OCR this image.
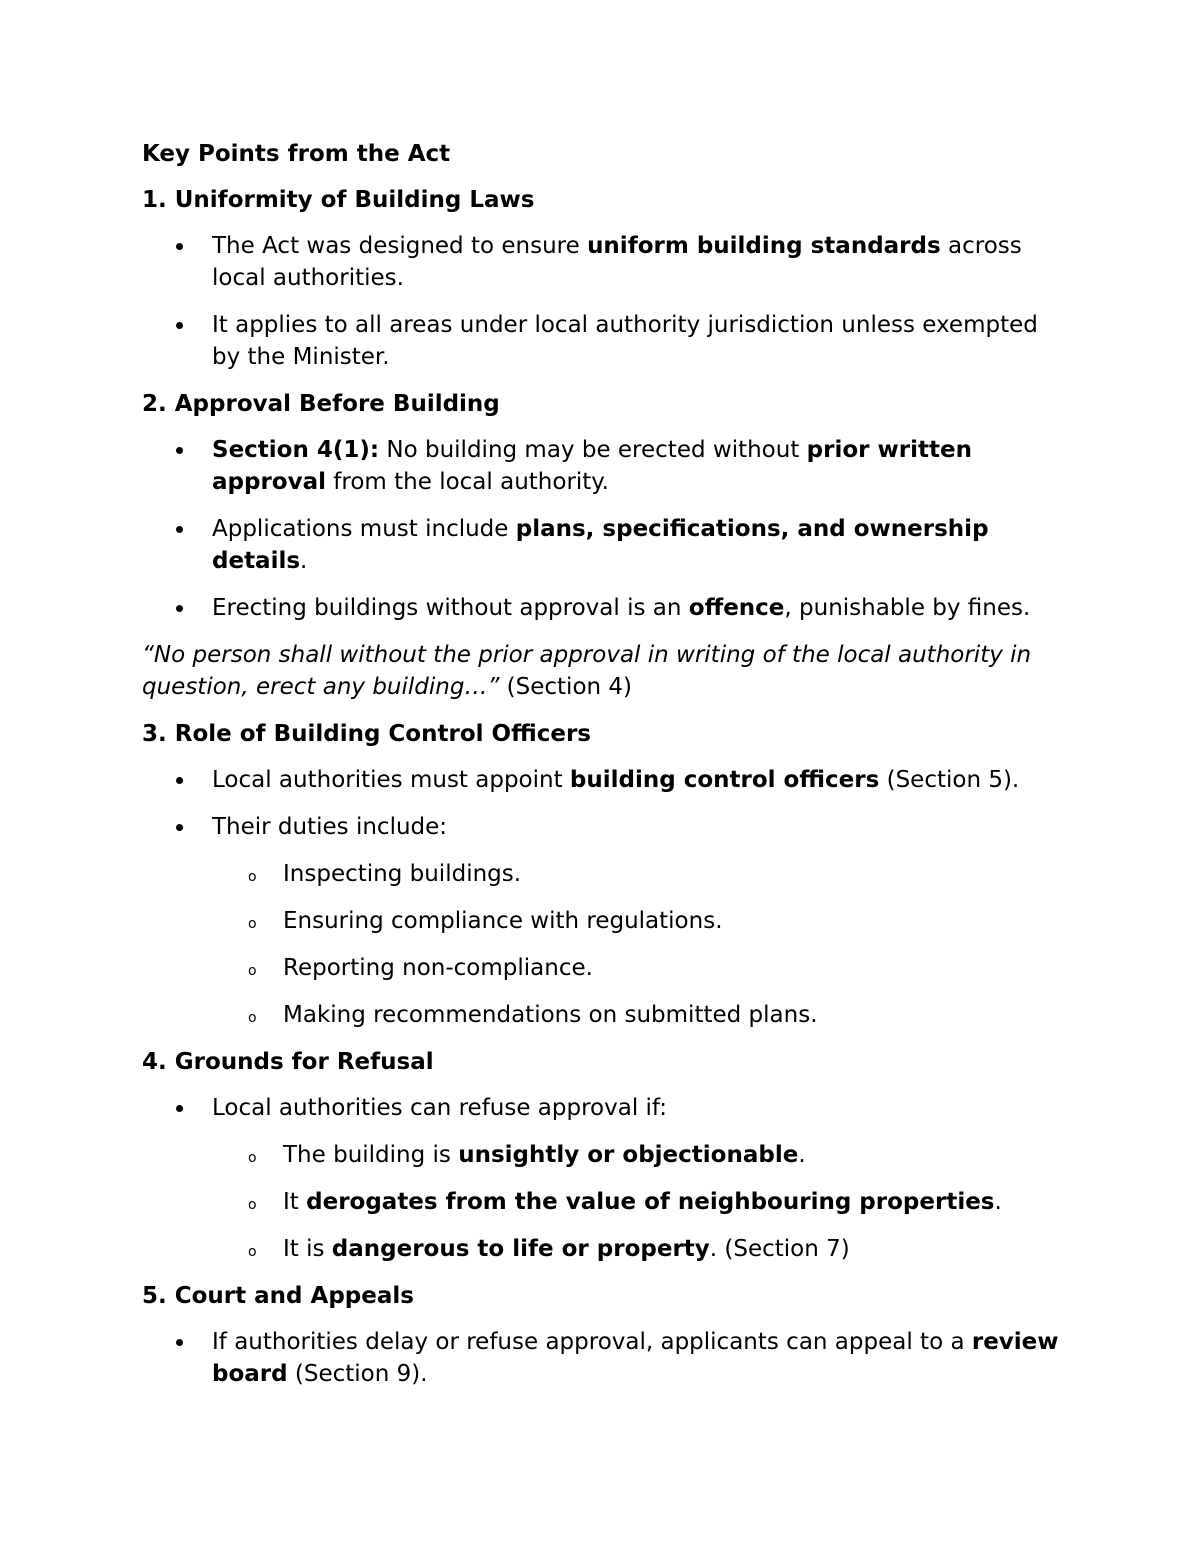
Key Points from the Act

1. Uniformity of Building Laws

The Act was designed to ensure uniform building standards across local authorities.
It applies to all areas under local authority jurisdiction unless exempted by the Minister.

2. Approval Before Building

Section 4(1): No building may be erected without prior written approval from the local authority.
Applications must include plans, specifications, and ownership details.
Erecting buildings without approval is an offence, punishable by fines.

“No person shall without the prior approval in writing of the local authority in question, erect any building…” (Section 4)

3. Role of Building Control Officers

Local authorities must appoint building control officers (Section 5).
Their duties include:
o Inspecting buildings.
o Ensuring compliance with regulations.
o Reporting non-compliance.
o Making recommendations on submitted plans.

4. Grounds for Refusal

Local authorities can refuse approval if:
o The building is unsightly or objectionable.
o It derogates from the value of neighbouring properties.
o It is dangerous to life or property. (Section 7)

5. Court and Appeals

If authorities delay or refuse approval, applicants can appeal to a review board (Section 9).
